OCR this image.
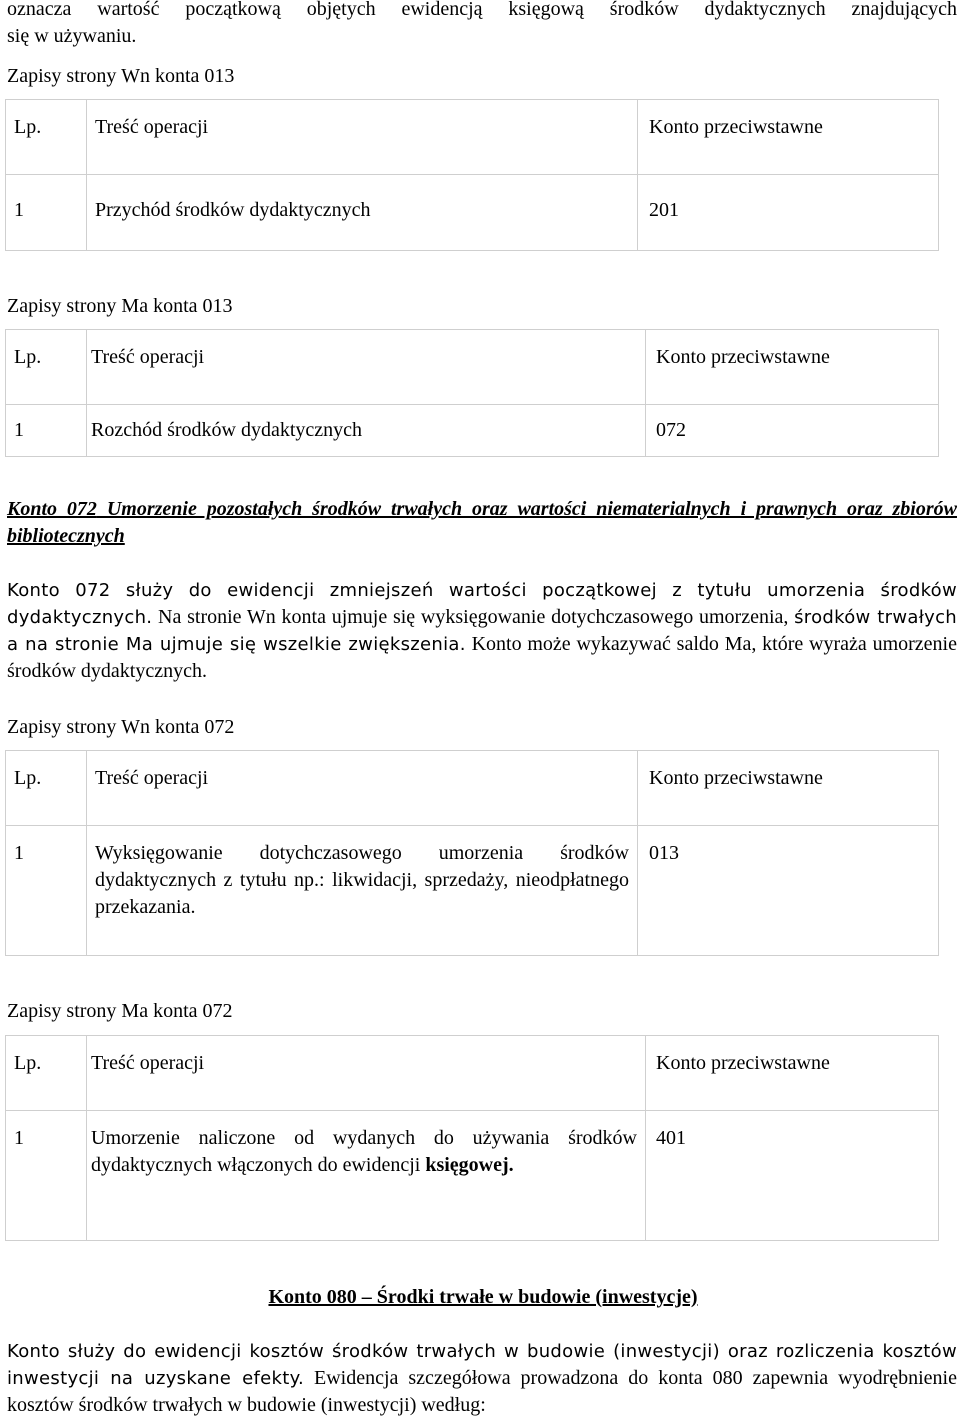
oznacza wartość początkową objętych ewidencją księgową środków dydaktycznych znajdujących
się w używaniu.
Zapisy strony Wn konta 013
Lp.	Treść operacji	Konto przeciwstawne

1	Przychód środków dydaktycznych	201
Zapisy strony Ma konta 013
Lp.	Treść operacji	Konto przeciwstawne

1	Rozchód środków dydaktycznych	072
Konto 072 Umorzenie pozostałych środków trwałych oraz wartości niematerialnych i prawnych oraz zbiorów bibliotecznych
Konto 072 służy do ewidencji zmniejszeń wartości początkowej z tytułu umorzenia środków dydaktycznych. Na stronie Wn konta ujmuje się wyksięgowanie dotychczasowego umorzenia, środków trwałych a na stronie Ma ujmuje się wszelkie zwiększenia. Konto może wykazywać saldo Ma, które wyraża umorzenie środków dydaktycznych.
Zapisy strony Wn konta 072
Lp.	Treść operacji	Konto przeciwstawne

1	Wyksięgowanie dotychczasowego umorzenia środków dydaktycznych z tytułu np.: likwidacji, sprzedaży, nieodpłatnego przekazania.	013
Zapisy strony Ma konta 072
Lp.	Treść operacji	Konto przeciwstawne

1	Umorzenie naliczone od wydanych do używania środków dydaktycznych włączonych do ewidencji księgowej.	401
Konto 080 – Środki trwałe w budowie (inwestycje)
Konto służy do ewidencji kosztów środków trwałych w budowie (inwestycji) oraz rozliczenia kosztów inwestycji na uzyskane efekty. Ewidencja szczegółowa prowadzona do konta 080 zapewnia wyodrębnienie kosztów środków trwałych w budowie (inwestycji) według:
